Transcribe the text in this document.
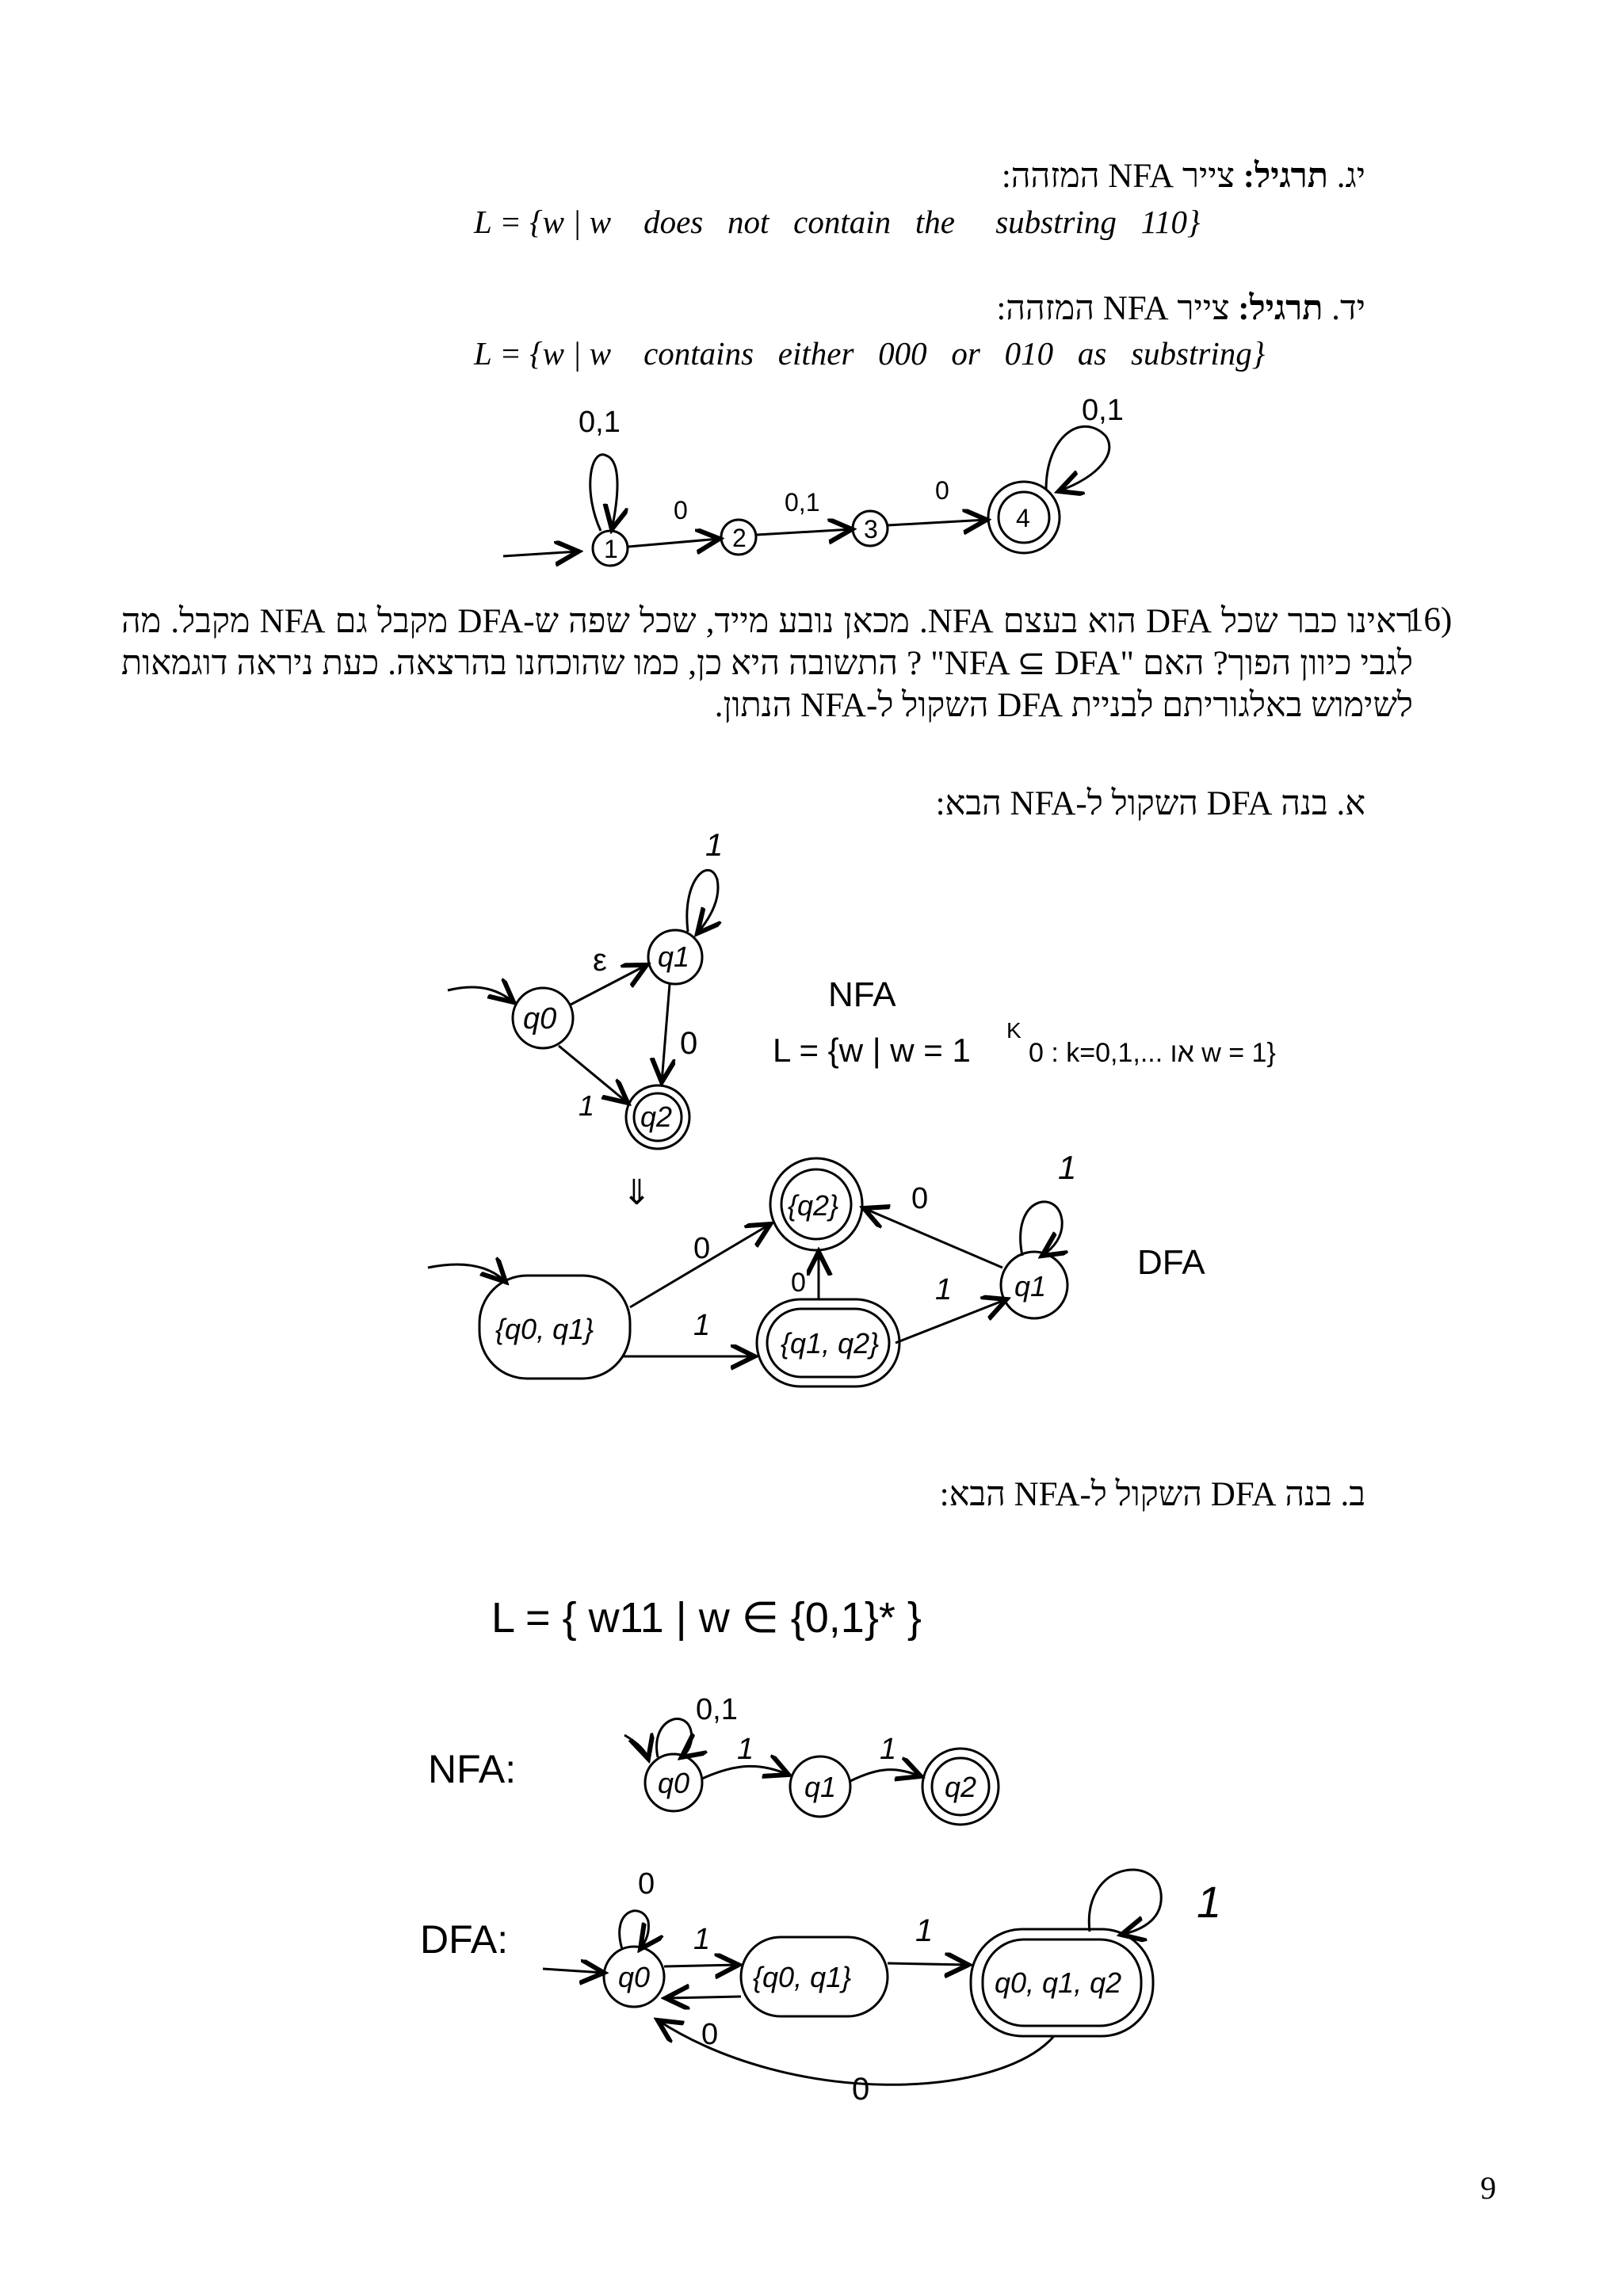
יג. תרגיל: צייר NFA המזהה:
L = {w | w    does   not   contain   the     substring   110}
יד. תרגיל: צייר NFA המזהה:
L = {w | w    contains   either   000   or   010   as   substring}
1
0,1
0
2
0,1
3
0
4
0,1
16)
ראינו כבר שכל DFA הוא בעצם NFA. מכאן נובע מייד, שכל שפה ש-DFA מקבל גם NFA מקבל. מה לגבי כיוון הפוך? האם "NFA ⊆ DFA" ? התשובה היא כן, כמו שהוכחנו בהרצאה. כעת ניראה דוגמאות לשימוש באלגוריתם לבניית DFA השקול ל-NFA הנתון.
א. בנה DFA השקול ל-NFA הבא:
q0
q1
1
ε
q2
0
1
NFA
L = {w | w = 1
K
0 : k=0,1,... או w = 1}
⇓
{q0, q1}
{q2}
{q1, q2}
q1
1
0
1
0
0
1
DFA
ב. בנה DFA השקול ל-NFA הבא:
L = { w11 | w ∈ {0,1}* }
NFA:	q0
0,1
1
q1
1
q2
DFA:
q0
0
{q0, q1}
1
0
q0, q1, q2
1
1
0
9
